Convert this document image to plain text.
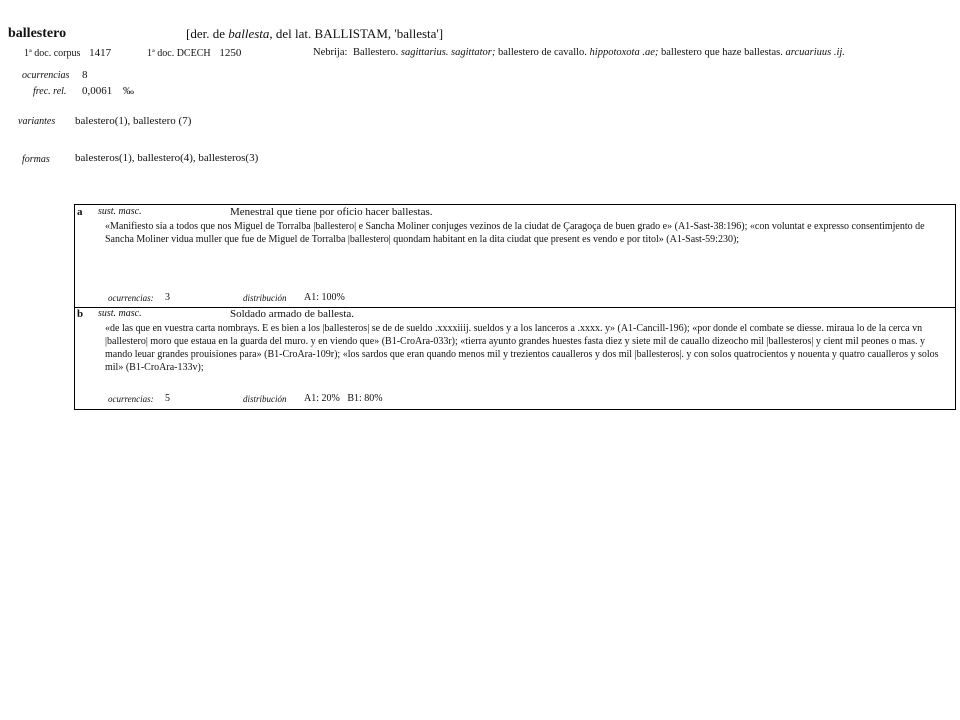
ballestero	[der. de ballesta, del lat. BALLISTAM, 'ballesta']
1ª doc. corpus 1417	1ª doc. DCECH 1250	Nebrija: Ballestero. sagittarius. sagittator; ballestero de cavallo. hippotoxota .ae; ballestero que haze ballestas. arcuariuus .ij.
ocurrencias 8
frec. rel. 0,0061 ‰
variantes balestero(1), ballestero (7)
formas balesteros(1), ballestero(4), ballesteros(3)
a sust. masc.	Menestral que tiene por oficio hacer ballestas.
«Manifiesto sia a todos que nos Miguel de Torralba |ballestero| e Sancha Moliner conjuges vezinos de la ciudat de Çaragoça de buen grado e» (A1-Sast-38:196); «con voluntat e expresso consentimjento de Sancha Moliner vidua muller que fue de Miguel de Torralba |ballestero| quondam habitant en la dita ciudat que present es vendo e por titol» (A1-Sast-59:230);
ocurrencias: 3	distribución A1: 100%
b sust. masc.	Soldado armado de ballesta.
«de las que en vuestra carta nombrays. E es bien a los |ballesteros| se de de sueldo .xxxxiiij. sueldos y a los lanceros a .xxxx. y» (A1-Cancill-196); «por donde el combate se diesse. miraua lo de la cerca vn |ballestero| moro que estaua en la guarda del muro. y en viendo que» (B1-CroAra-033r); «tierra ayunto grandes huestes fasta diez y siete mil de cauallo dizeocho mil |ballesteros| y cient mil peones o mas. y mando leuar grandes prouisiones para» (B1-CroAra-109r); «los sardos que eran quando menos mil y trezientos caualleros y dos mil |ballesteros|. y con solos quatrocientos y nouenta y quatro caualleros y solos mil» (B1-CroAra-133v);
ocurrencias: 5	distribución A1: 20%   B1: 80%
